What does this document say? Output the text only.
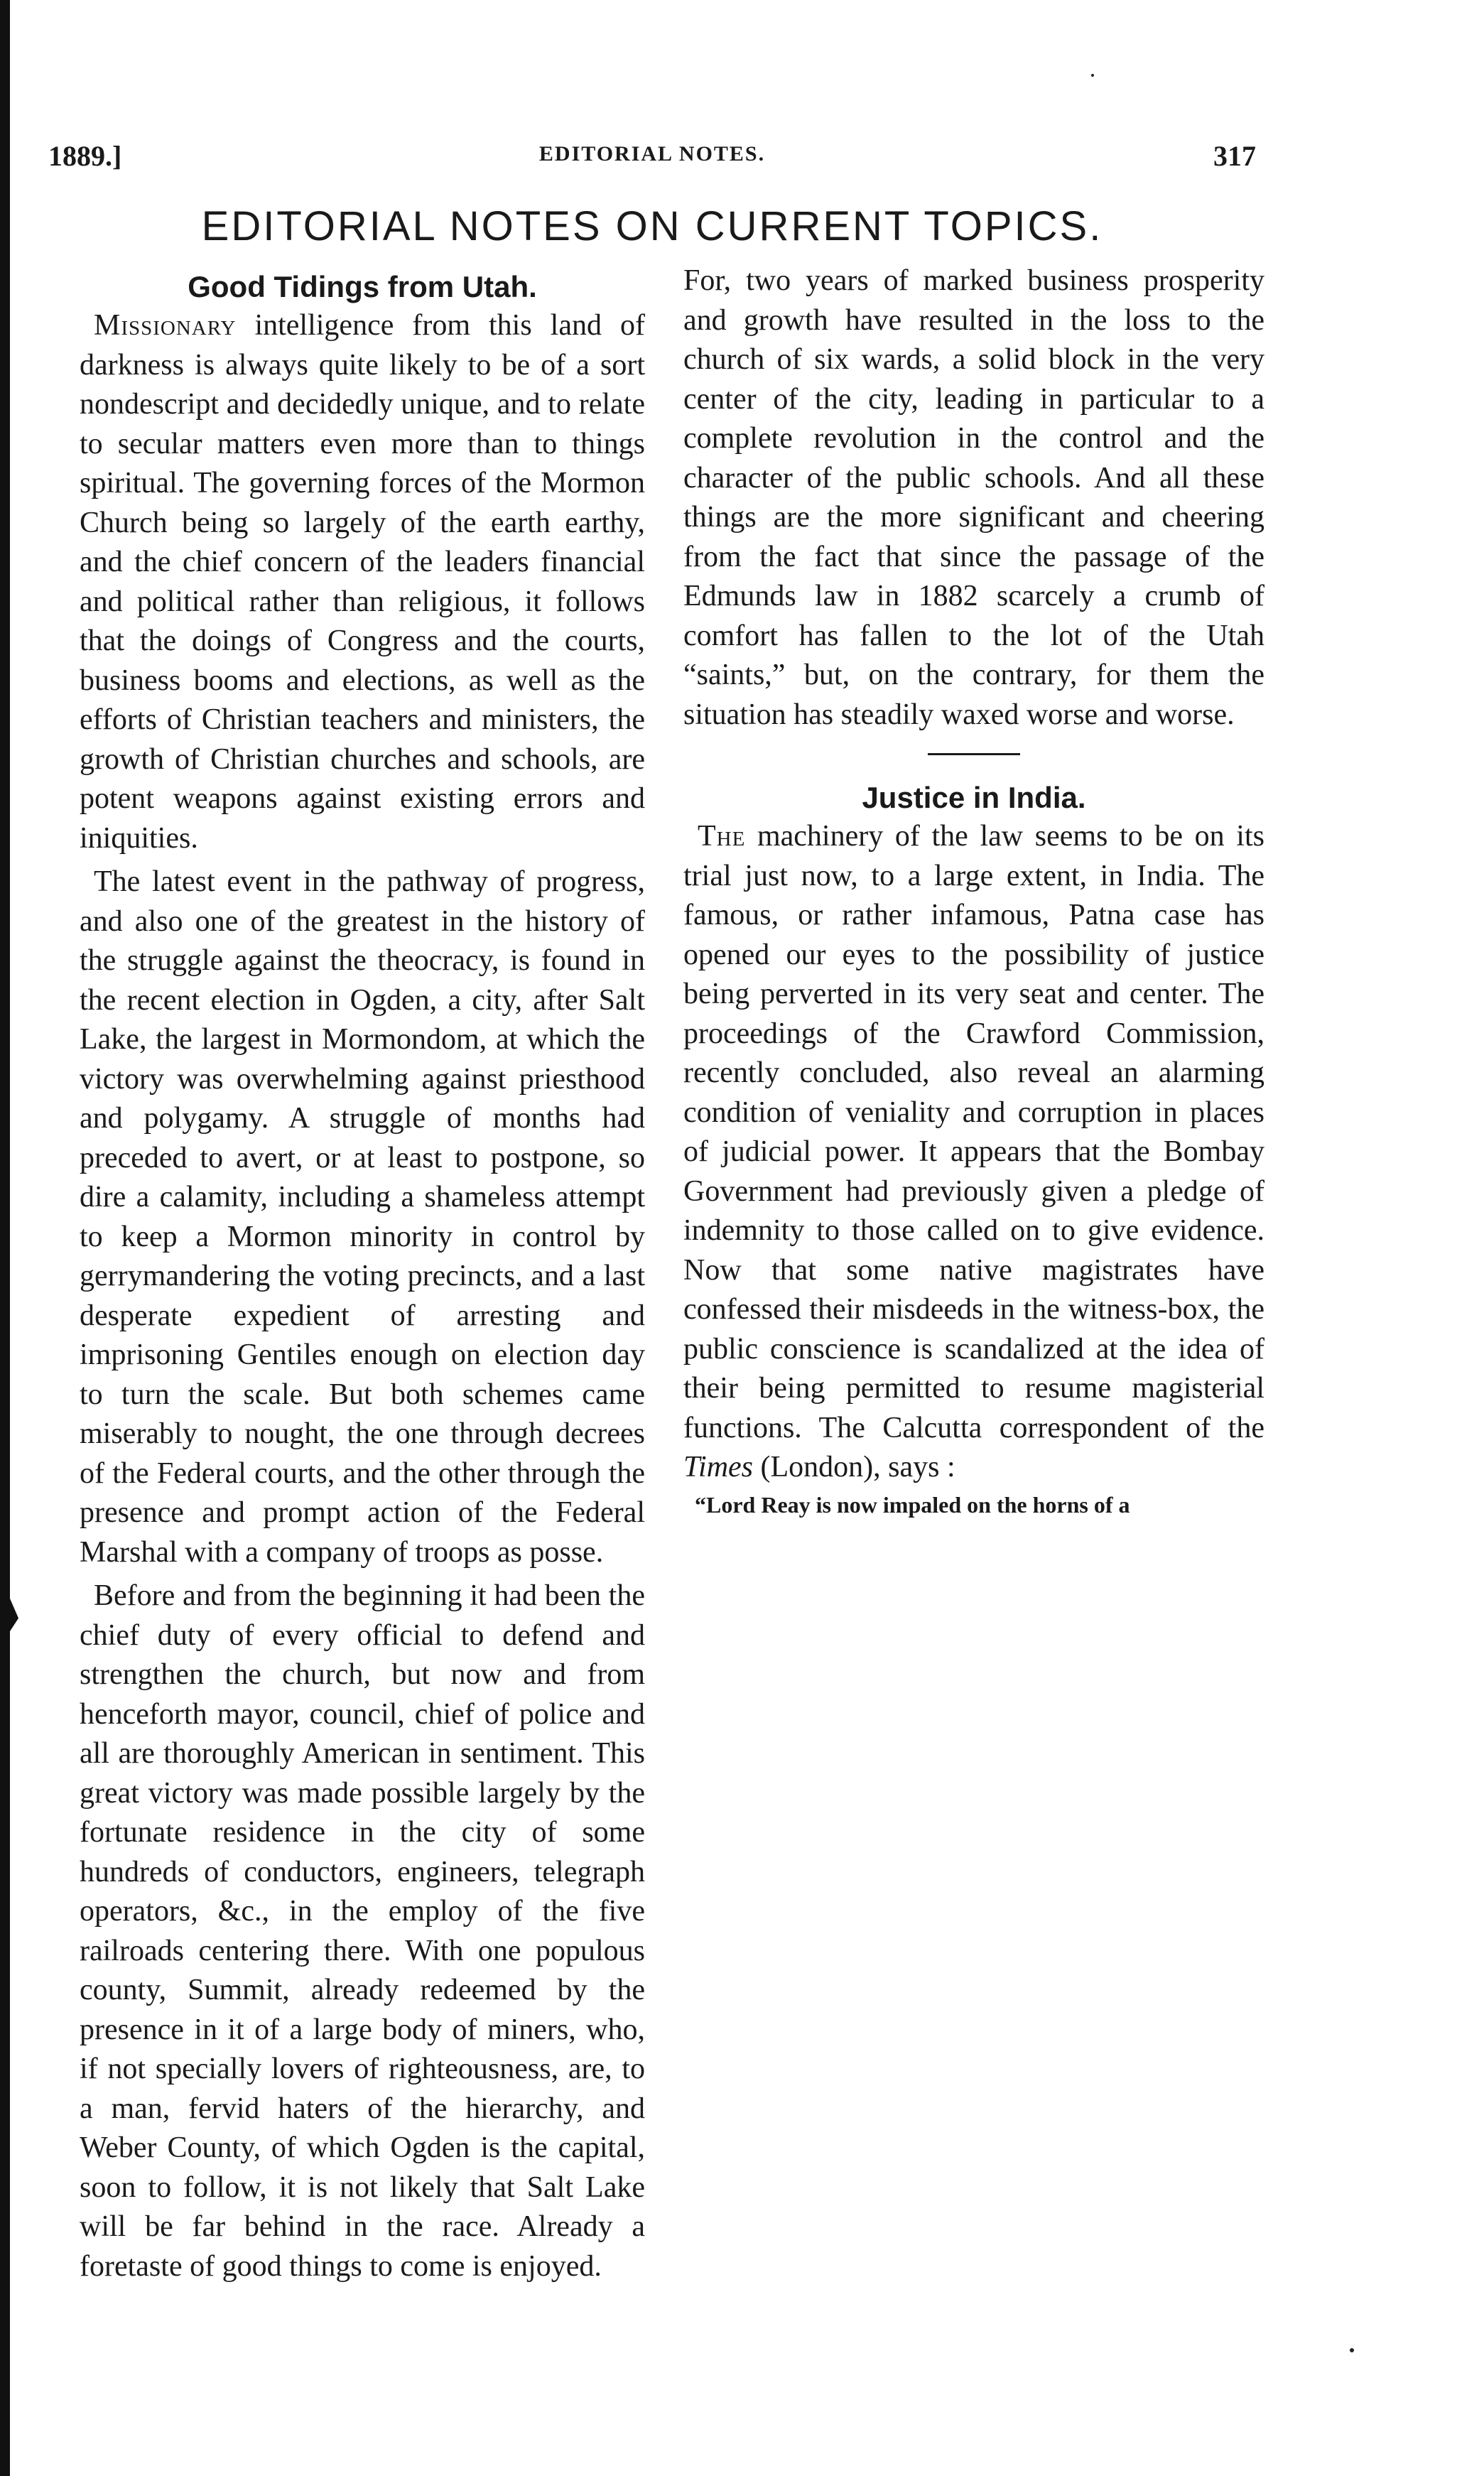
1889.]	EDITORIAL NOTES.	317
EDITORIAL NOTES ON CURRENT TOPICS.

Good Tidings from Utah.

Missionary intelligence from this land of darkness is always quite likely to be of a sort nondescript and decidedly unique, and to relate to secular matters even more than to things spiritual. The governing forces of the Mormon Church being so largely of the earth earthy, and the chief concern of the leaders financial and political rather than religious, it follows that the doings of Congress and the courts, business booms and elections, as well as the efforts of Christian teachers and ministers, the growth of Christian churches and schools, are potent weapons against existing errors and iniquities.

The latest event in the pathway of progress, and also one of the greatest in the history of the struggle against the theocracy, is found in the recent election in Ogden, a city, after Salt Lake, the largest in Mormondom, at which the victory was overwhelming against priesthood and polygamy. A struggle of months had preceded to avert, or at least to postpone, so dire a calamity, including a shameless attempt to keep a Mormon minority in control by gerrymandering the voting precincts, and a last desperate expedient of arresting and imprisoning Gentiles enough on election day to turn the scale. But both schemes came miserably to nought, the one through decrees of the Federal courts, and the other through the presence and prompt action of the Federal Marshal with a company of troops as posse.

Before and from the beginning it had been the chief duty of every official to defend and strengthen the church, but now and from henceforth mayor, council, chief of police and all are thoroughly American in sentiment. This great victory was made possible largely by the fortunate residence in the city of some hundreds of conductors, engineers, telegraph operators, &c., in the employ of the five railroads centering there. With one populous county, Summit, already redeemed by the presence in it of a large body of miners, who, if not specially lovers of righteousness, are, to a man, fervid haters of the hierarchy, and Weber County, of which Ogden is the capital, soon to follow, it is not likely that Salt Lake will be far behind in the race. Already a foretaste of good things to come is enjoyed.

For, two years of marked business prosperity and growth have resulted in the loss to the church of six wards, a solid block in the very center of the city, leading in particular to a complete revolution in the control and the character of the public schools. And all these things are the more significant and cheering from the fact that since the passage of the Edmunds law in 1882 scarcely a crumb of comfort has fallen to the lot of the Utah “saints,” but, on the contrary, for them the situation has steadily waxed worse and worse.

Justice in India.

The machinery of the law seems to be on its trial just now, to a large extent, in India. The famous, or rather infamous, Patna case has opened our eyes to the possibility of justice being perverted in its very seat and center. The proceedings of the Crawford Commission, recently concluded, also reveal an alarming condition of veniality and corruption in places of judicial power. It appears that the Bombay Government had previously given a pledge of indemnity to those called on to give evidence. Now that some native magistrates have confessed their misdeeds in the witness-box, the public conscience is scandalized at the idea of their being permitted to resume magisterial functions. The Calcutta correspondent of the Times (London), says :

“Lord Reay is now impaled on the horns of a
